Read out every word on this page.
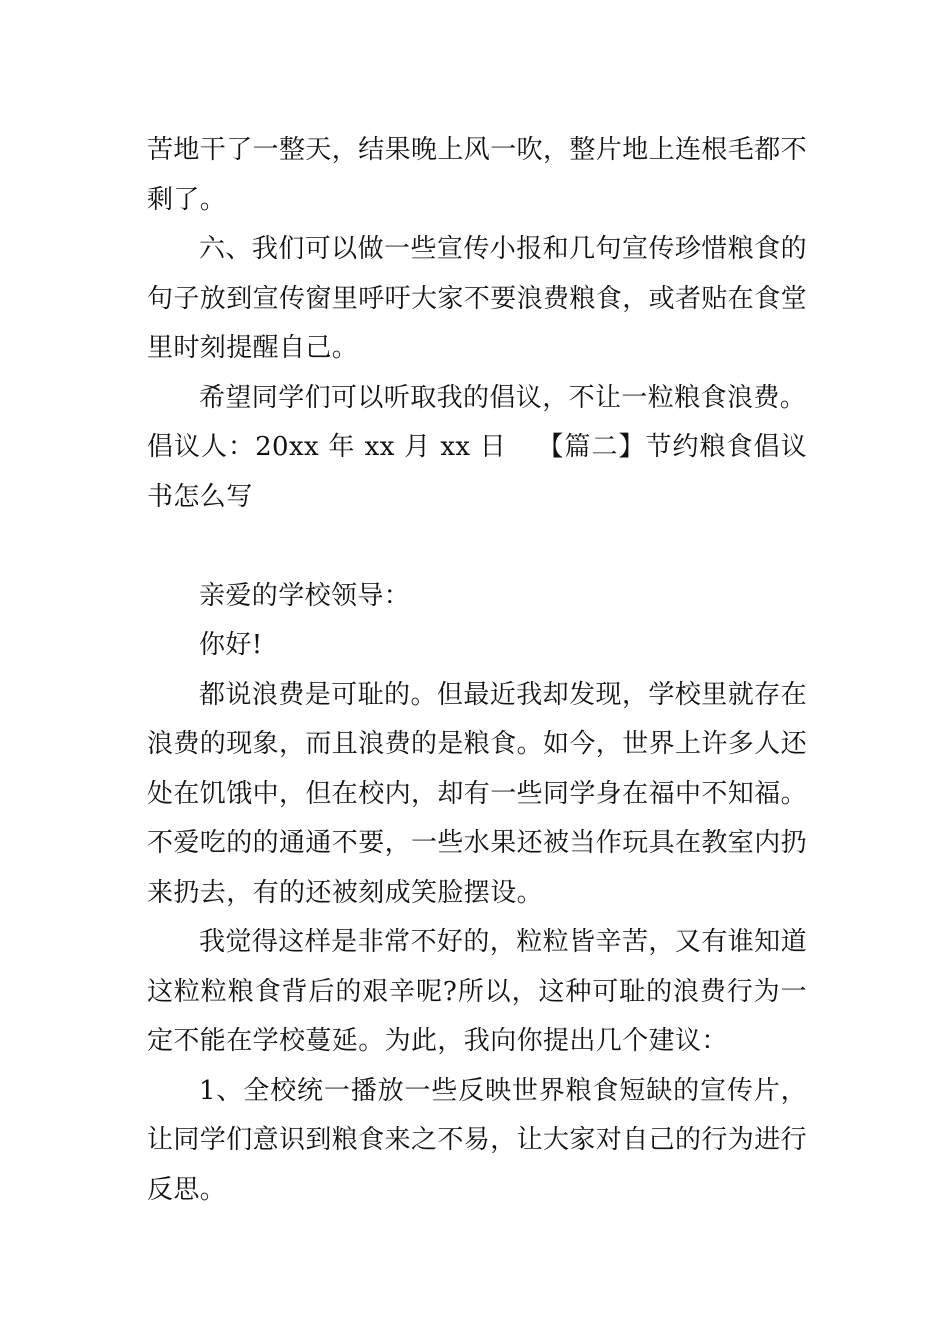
苦地干了一整天，结果晚上风一吹，整片地上连根毛都不剩了。

六、我们可以做一些宣传小报和几句宣传珍惜粮食的句子放到宣传窗里呼吁大家不要浪费粮食，或者贴在食堂里时刻提醒自己。

希望同学们可以听取我的倡议，不让一粒粮食浪费。

倡议人：20xx 年 xx 月 xx 日 【篇二】节约粮食倡议书怎么写

亲爱的学校领导：

你好!

都说浪费是可耻的。但最近我却发现，学校里就存在浪费的现象，而且浪费的是粮食。如今，世界上许多人还处在饥饿中，但在校内，却有一些同学身在福中不知福。不爱吃的的通通不要，一些水果还被当作玩具在教室内扔来扔去，有的还被刻成笑脸摆设。

我觉得这样是非常不好的，粒粒皆辛苦，又有谁知道这粒粒粮食背后的艰辛呢?所以，这种可耻的浪费行为一定不能在学校蔓延。为此，我向你提出几个建议：

1、全校统一播放一些反映世界粮食短缺的宣传片，让同学们意识到粮食来之不易，让大家对自己的行为进行反思。
